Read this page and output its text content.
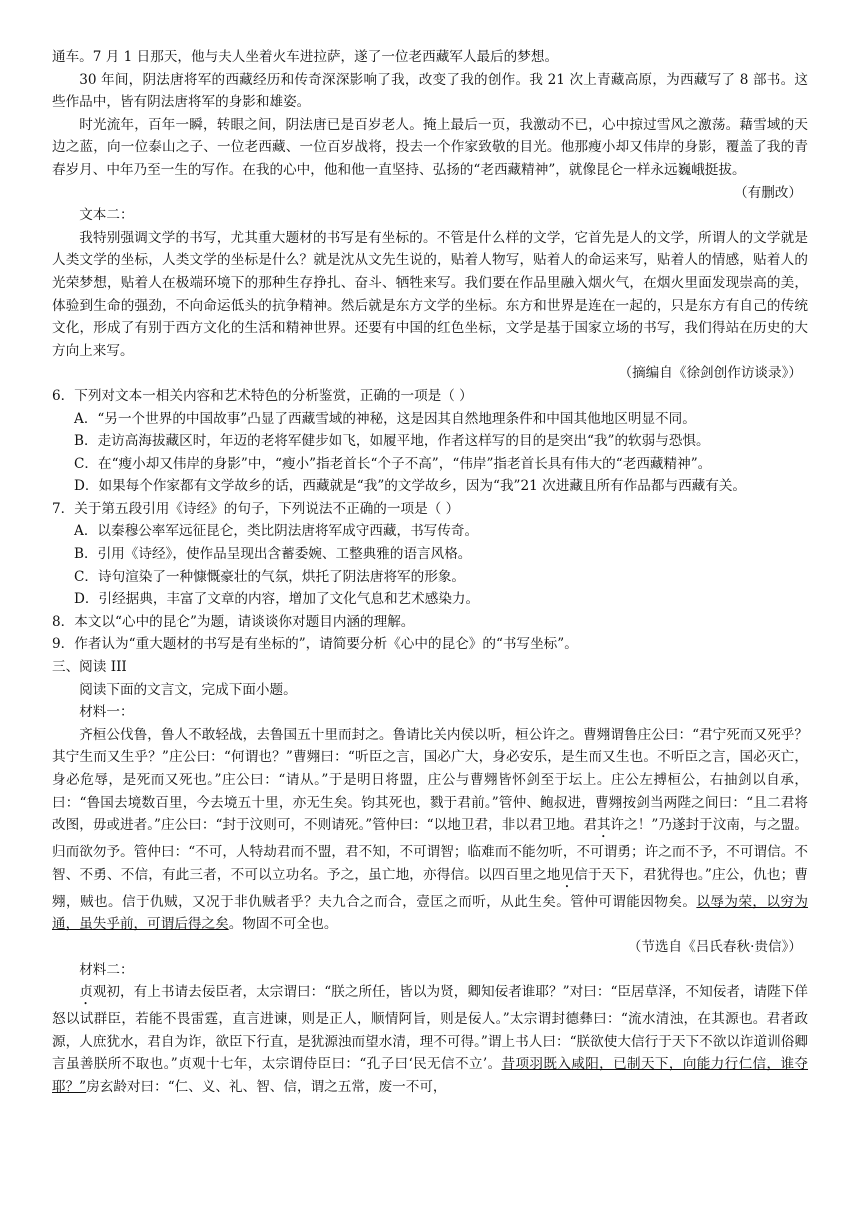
通车。7 月 1 日那天，他与夫人坐着火车进拉萨，遂了一位老西藏军人最后的梦想。

30 年间，阴法唐将军的西藏经历和传奇深深影响了我，改变了我的创作。我 21 次上青藏高原，为西藏写了 8 部书。这些作品中，皆有阴法唐将军的身影和雄姿。

时光流年，百年一瞬，转眼之间，阴法唐已是百岁老人。掩上最后一页，我激动不已，心中掠过雪风之激荡。藉雪域的天边之蓝，向一位泰山之子、一位老西藏、一位百岁战将，投去一个作家致敬的目光。他那瘦小却又伟岸的身影，覆盖了我的青春岁月、中年乃至一生的写作。在我的心中，他和他一直坚持、弘扬的“老西藏精神”，就像昆仑一样永远巍峨挺拔。

（有删改）

文本二：

我特别强调文学的书写，尤其重大题材的书写是有坐标的。不管是什么样的文学，它首先是人的文学，所谓人的文学就是人类文学的坐标，人类文学的坐标是什么？就是沈从文先生说的，贴着人物写，贴着人的命运来写，贴着人的情感，贴着人的光荣梦想，贴着人在极端环境下的那种生存挣扎、奋斗、牺牲来写。我们要在作品里融入烟火气，在烟火里面发现崇高的美，体验到生命的强劲，不向命运低头的抗争精神。然后就是东方文学的坐标。东方和世界是连在一起的，只是东方有自己的传统文化，形成了有别于西方文化的生活和精神世界。还要有中国的红色坐标，文学是基于国家立场的书写，我们得站在历史的大方向上来写。

（摘编自《徐剑创作访谈录》）

6．下列对文本一相关内容和艺术特色的分析鉴赏，正确的一项是（ ）

A．“另一个世界的中国故事”凸显了西藏雪域的神秘，这是因其自然地理条件和中国其他地区明显不同。

B．走访高海拔藏区时，年迈的老将军健步如飞，如履平地，作者这样写的目的是突出“我”的软弱与恐惧。

C．在“瘦小却又伟岸的身影”中，“瘦小”指老首长“个子不高”，“伟岸”指老首长具有伟大的“老西藏精神”。

D．如果每个作家都有文学故乡的话，西藏就是“我”的文学故乡，因为“我”21 次进藏且所有作品都与西藏有关。

7．关于第五段引用《诗经》的句子，下列说法不正确的一项是（ ）

A．以秦穆公率军远征昆仑，类比阴法唐将军成守西藏，书写传奇。

B．引用《诗经》，使作品呈现出含蓄委婉、工整典雅的语言风格。

C．诗句渲染了一种慷慨豪壮的气氛，烘托了阴法唐将军的形象。

D．引经据典，丰富了文章的内容，增加了文化气息和艺术感染力。

8．本文以“心中的昆仑”为题，请谈谈你对题目内涵的理解。

9．作者认为“重大题材的书写是有坐标的”，请简要分析《心中的昆仑》的“书写坐标”。

三、阅读 III

阅读下面的文言文，完成下面小题。

材料一：

齐桓公伐鲁，鲁人不敢轻战，去鲁国五十里而封之。鲁请比关内侯以听，桓公许之。曹翙谓鲁庄公曰：“君宁死而又死乎？其宁生而又生乎？”庄公曰：“何谓也？”曹翙曰：“听臣之言，国必广大，身必安乐，是生而又生也。不听臣之言，国必灭亡，身必危辱，是死而又死也。”庄公曰：“请从。”于是明日将盟，庄公与曹翙皆怀剑至于坛上。庄公左搏桓公，右抽剑以自承，曰：“鲁国去境数百里，今去境五十里，亦无生矣。钧其死也，戮于君前。”管仲、鲍叔进，曹翙按剑当两陛之间曰：“且二君将改图，毋或进者。”庄公曰：“封于汶则可，不则请死。”管仲曰：“以地卫君，非以君卫地。君其许之！”乃遂封于汶南，与之盟。归而欲勿予。管仲曰：“不可，人特劫君而不盟，君不知，不可谓智；临难而不能勿听，不可谓勇；许之而不予，不可谓信。不智、不勇、不信，有此三者，不可以立功名。予之，虽亡地，亦得信。以四百里之地见信于天下，君犹得也。”庄公，仇也；曹翙，贼也。信于仇贼，又况于非仇贼者乎？夫九合之而合，壹匡之而听，从此生矣。管仲可谓能因物矣。以辱为荣，以穷为通，虽失乎前，可谓后得之矣。物固不可全也。

（节选自《吕氏春秋·贵信》）

材料二：

贞观初，有上书请去佞臣者，太宗谓曰：“朕之所任，皆以为贤，卿知佞者谁耶？”对曰：“臣居草泽，不知佞者，请陛下佯怒以试群臣，若能不畏雷霆，直言进谏，则是正人，顺情阿旨，则是佞人。”太宗谓封德彝曰：“流水清浊，在其源也。君者政源，人庶犹水，君自为诈，欲臣下行直，是犹源浊而望水清，理不可得。”谓上书人曰：“朕欲使大信行于天下不欲以诈道训俗卿言虽善朕所不取也。”贞观十七年，太宗谓侍臣曰：“孔子曰‘民无信不立’。昔项羽既入咸阳，已制天下，向能力行仁信，谁夺耶？”房玄龄对曰：“仁、义、礼、智、信，谓之五常，废一不可，
